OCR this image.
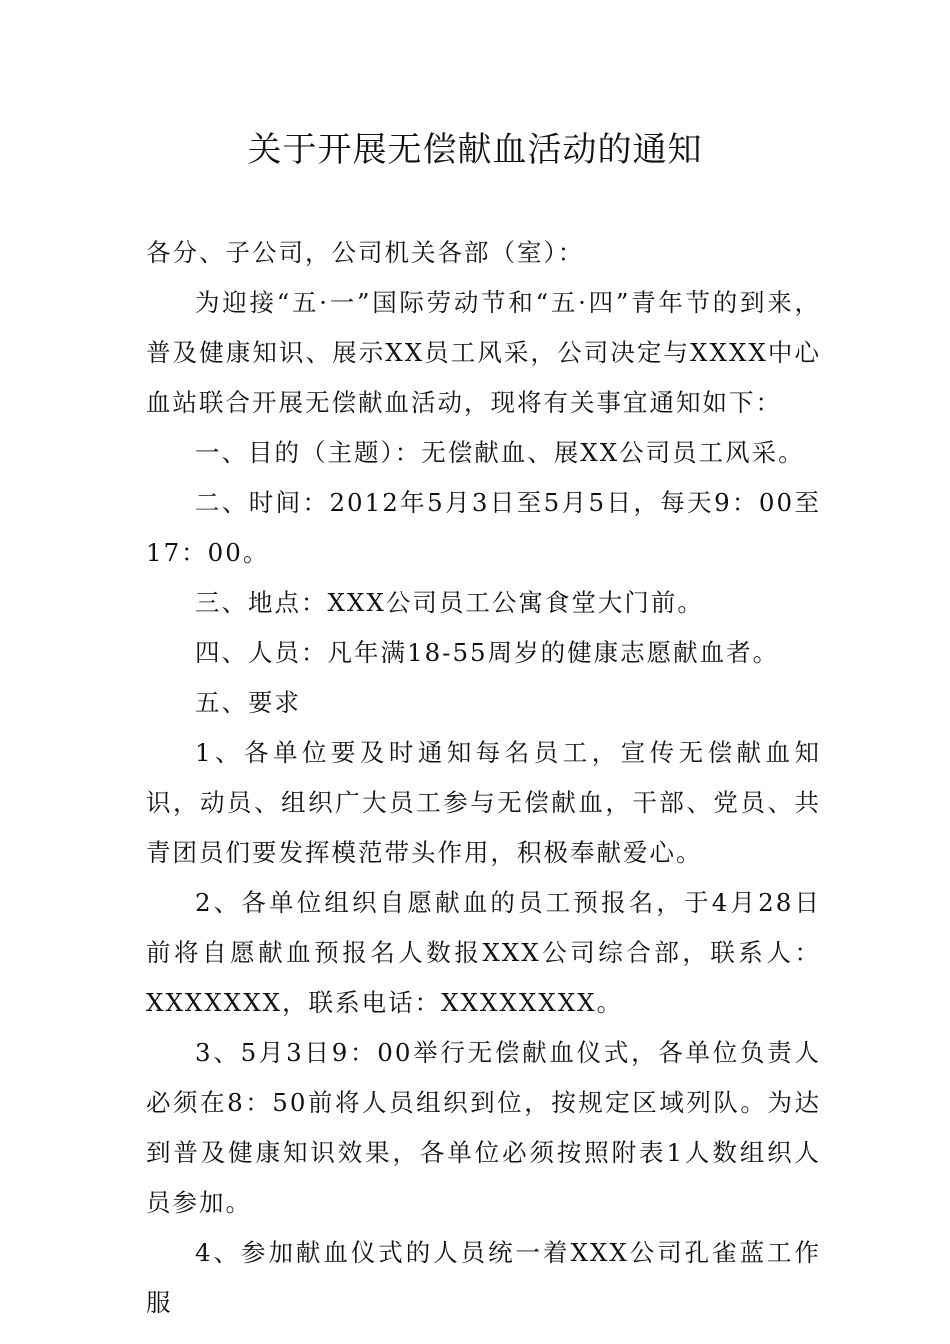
关于开展无偿献血活动的通知

各分、子公司，公司机关各部（室）：

为迎接“五·一”国际劳动节和“五·四”青年节的到来，普及健康知识、展示XX员工风采，公司决定与XXXX中心血站联合开展无偿献血活动，现将有关事宜通知如下：

一、目的（主题）：无偿献血、展XX公司员工风采。

二、时间：2012年5月3日至5月5日，每天9：00至17：00。

三、地点：XXX公司员工公寓食堂大门前。

四、人员：凡年满18-55周岁的健康志愿献血者。

五、要求

1、各单位要及时通知每名员工，宣传无偿献血知识，动员、组织广大员工参与无偿献血，干部、党员、共青团员们要发挥模范带头作用，积极奉献爱心。

2、各单位组织自愿献血的员工预报名，于4月28日前将自愿献血预报名人数报XXX公司综合部，联系人：XXXXXXX，联系电话：XXXXXXXX。

3、5月3日9：00举行无偿献血仪式，各单位负责人必须在8：50前将人员组织到位，按规定区域列队。为达到普及健康知识效果，各单位必须按照附表1人数组织人员参加。

4、参加献血仪式的人员统一着XXX公司孔雀蓝工作服
